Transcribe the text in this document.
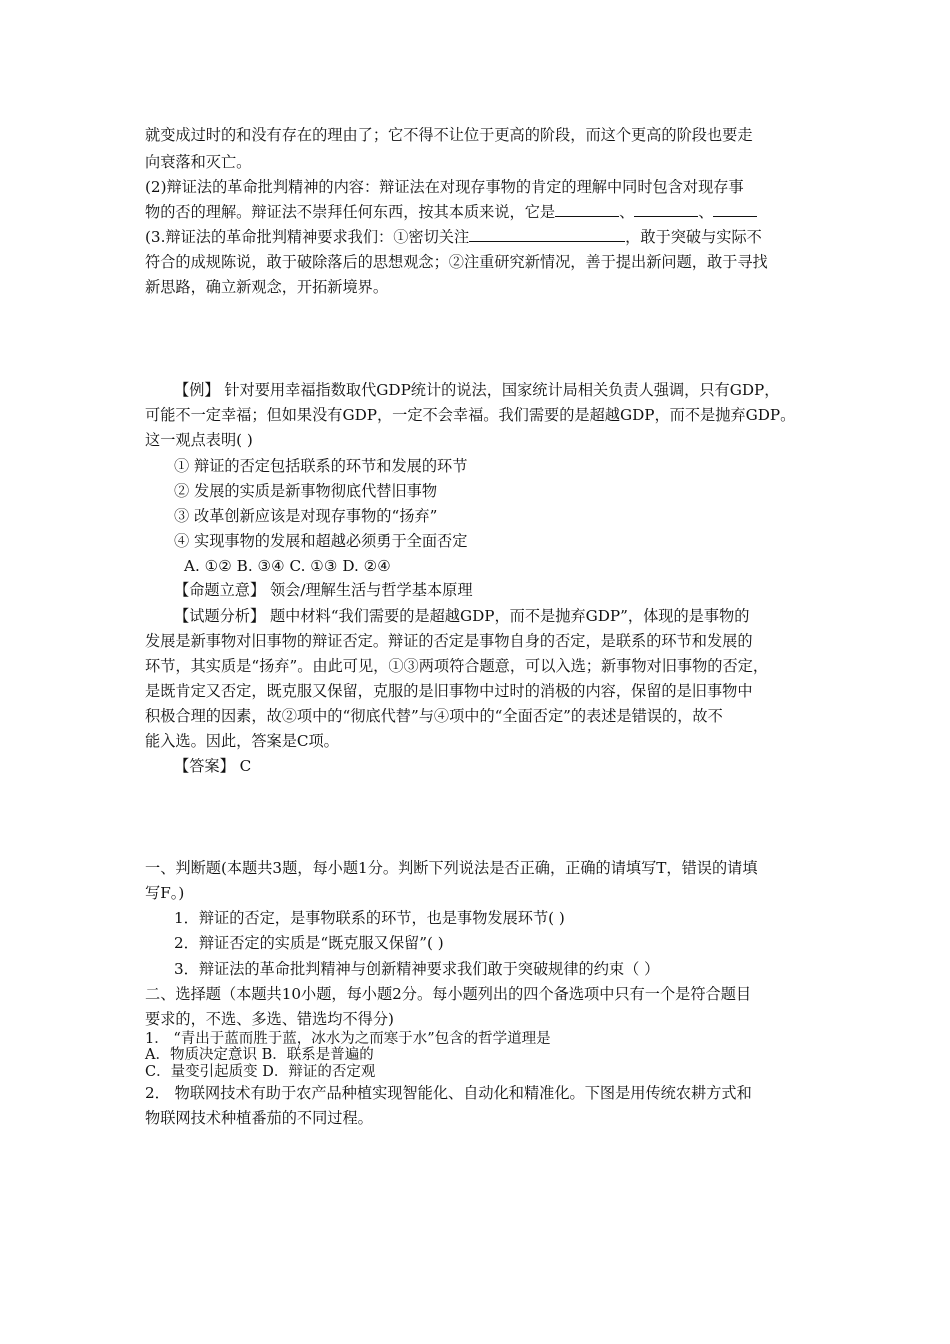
就变成过时的和没有存在的理由了；它不得不让位于更高的阶段，而这个更高的阶段也要走
向衰落和灭亡。
(2)辩证法的革命批判精神的内容：辩证法在对现存事物的肯定的理解中同时包含对现存事
物的否的理解。辩证法不崇拜任何东西，按其本质来说，它是	、	、
(3.辩证法的革命批判精神要求我们：①密切关注	，敢于突破与实际不
符合的成规陈说，敢于破除落后的思想观念；②注重研究新情况，善于提出新问题，敢于寻找
新思路，确立新观念，开拓新境界。
【例】 针对要用幸福指数取代GDP统计的说法，国家统计局相关负责人强调，只有GDP，
可能不一定幸福；但如果没有GDP，一定不会幸福。我们需要的是超越GDP，而不是抛弃GDP。
这一观点表明( )
① 辩证的否定包括联系的环节和发展的环节
② 发展的实质是新事物彻底代替旧事物
③ 改革创新应该是对现存事物的“扬弃”
④ 实现事物的发展和超越必须勇于全面否定
A. ①② B. ③④ C. ①③ D. ②④
【命题立意】 领会/理解生活与哲学基本原理
【试题分析】 题中材料“我们需要的是超越GDP，而不是抛弃GDP”，体现的是事物的
发展是新事物对旧事物的辩证否定。辩证的否定是事物自身的否定，是联系的环节和发展的
环节，其实质是“扬弃”。由此可见，①③两项符合题意，可以入选；新事物对旧事物的否定，
是既肯定又否定，既克服又保留，克服的是旧事物中过时的消极的内容，保留的是旧事物中
积极合理的因素，故②项中的“彻底代替”与④项中的“全面否定”的表述是错误的，故不
能入选。因此，答案是C项。
【答案】 C
一、判断题(本题共3题，每小题1分。判断下列说法是否正确，正确的请填写T，错误的请填
写F。)
1．辩证的否定，是事物联系的环节，也是事物发展环节( )
2．辩证否定的实质是“既克服又保留”( )
3．辩证法的革命批判精神与创新精神要求我们敢于突破规律的约束（ ）
二、选择题（本题共10小题，每小题2分。每小题列出的四个备选项中只有一个是符合题目
要求的，不选、多选、错选均不得分)
1． “青出于蓝而胜于蓝，冰水为之而寒于水”包含的哲学道理是
A．物质决定意识 B．联系是普遍的
C．量变引起质变 D．辩证的否定观
2． 物联网技术有助于农产品种植实现智能化、自动化和精准化。下图是用传统农耕方式和
物联网技术种植番茄的不同过程。
